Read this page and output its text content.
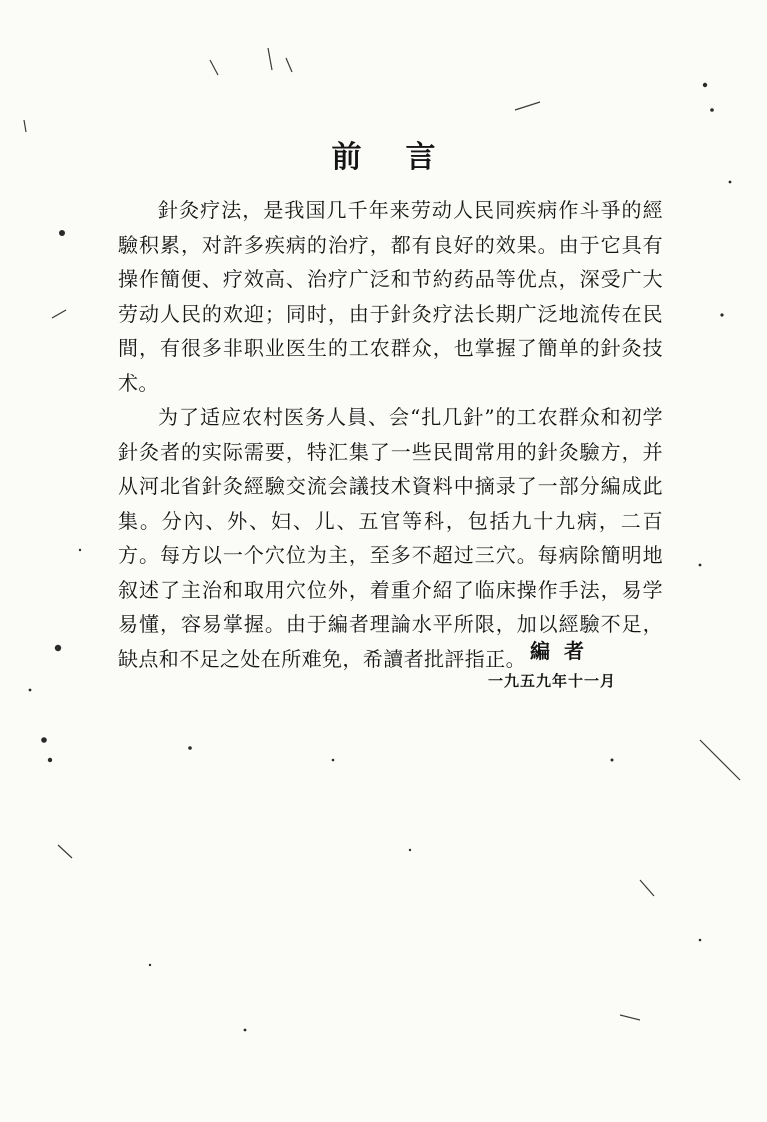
前言

針灸疗法，是我国几千年来劳动人民同疾病作斗爭的經驗积累，对許多疾病的治疗，都有良好的效果。由于它具有操作簡便、疗效高、治疗广泛和节約药品等优点，深受广大劳动人民的欢迎；同时，由于針灸疗法长期广泛地流传在民間，有很多非职业医生的工农群众，也掌握了簡单的針灸技术。

为了适应农村医务人員、会“扎几針”的工农群众和初学針灸者的实际需要，特汇集了一些民間常用的針灸驗方，并从河北省針灸經驗交流会議技术資料中摘录了一部分編成此集。分內、外、妇、儿、五官等科，包括九十九病，二百方。每方以一个穴位为主，至多不超过三穴。每病除簡明地叙述了主治和取用穴位外，着重介紹了临床操作手法，易学易懂，容易掌握。由于編者理論水平所限，加以經驗不足，缺点和不足之处在所难免，希讀者批評指正。 編者
一九五九年十一月
